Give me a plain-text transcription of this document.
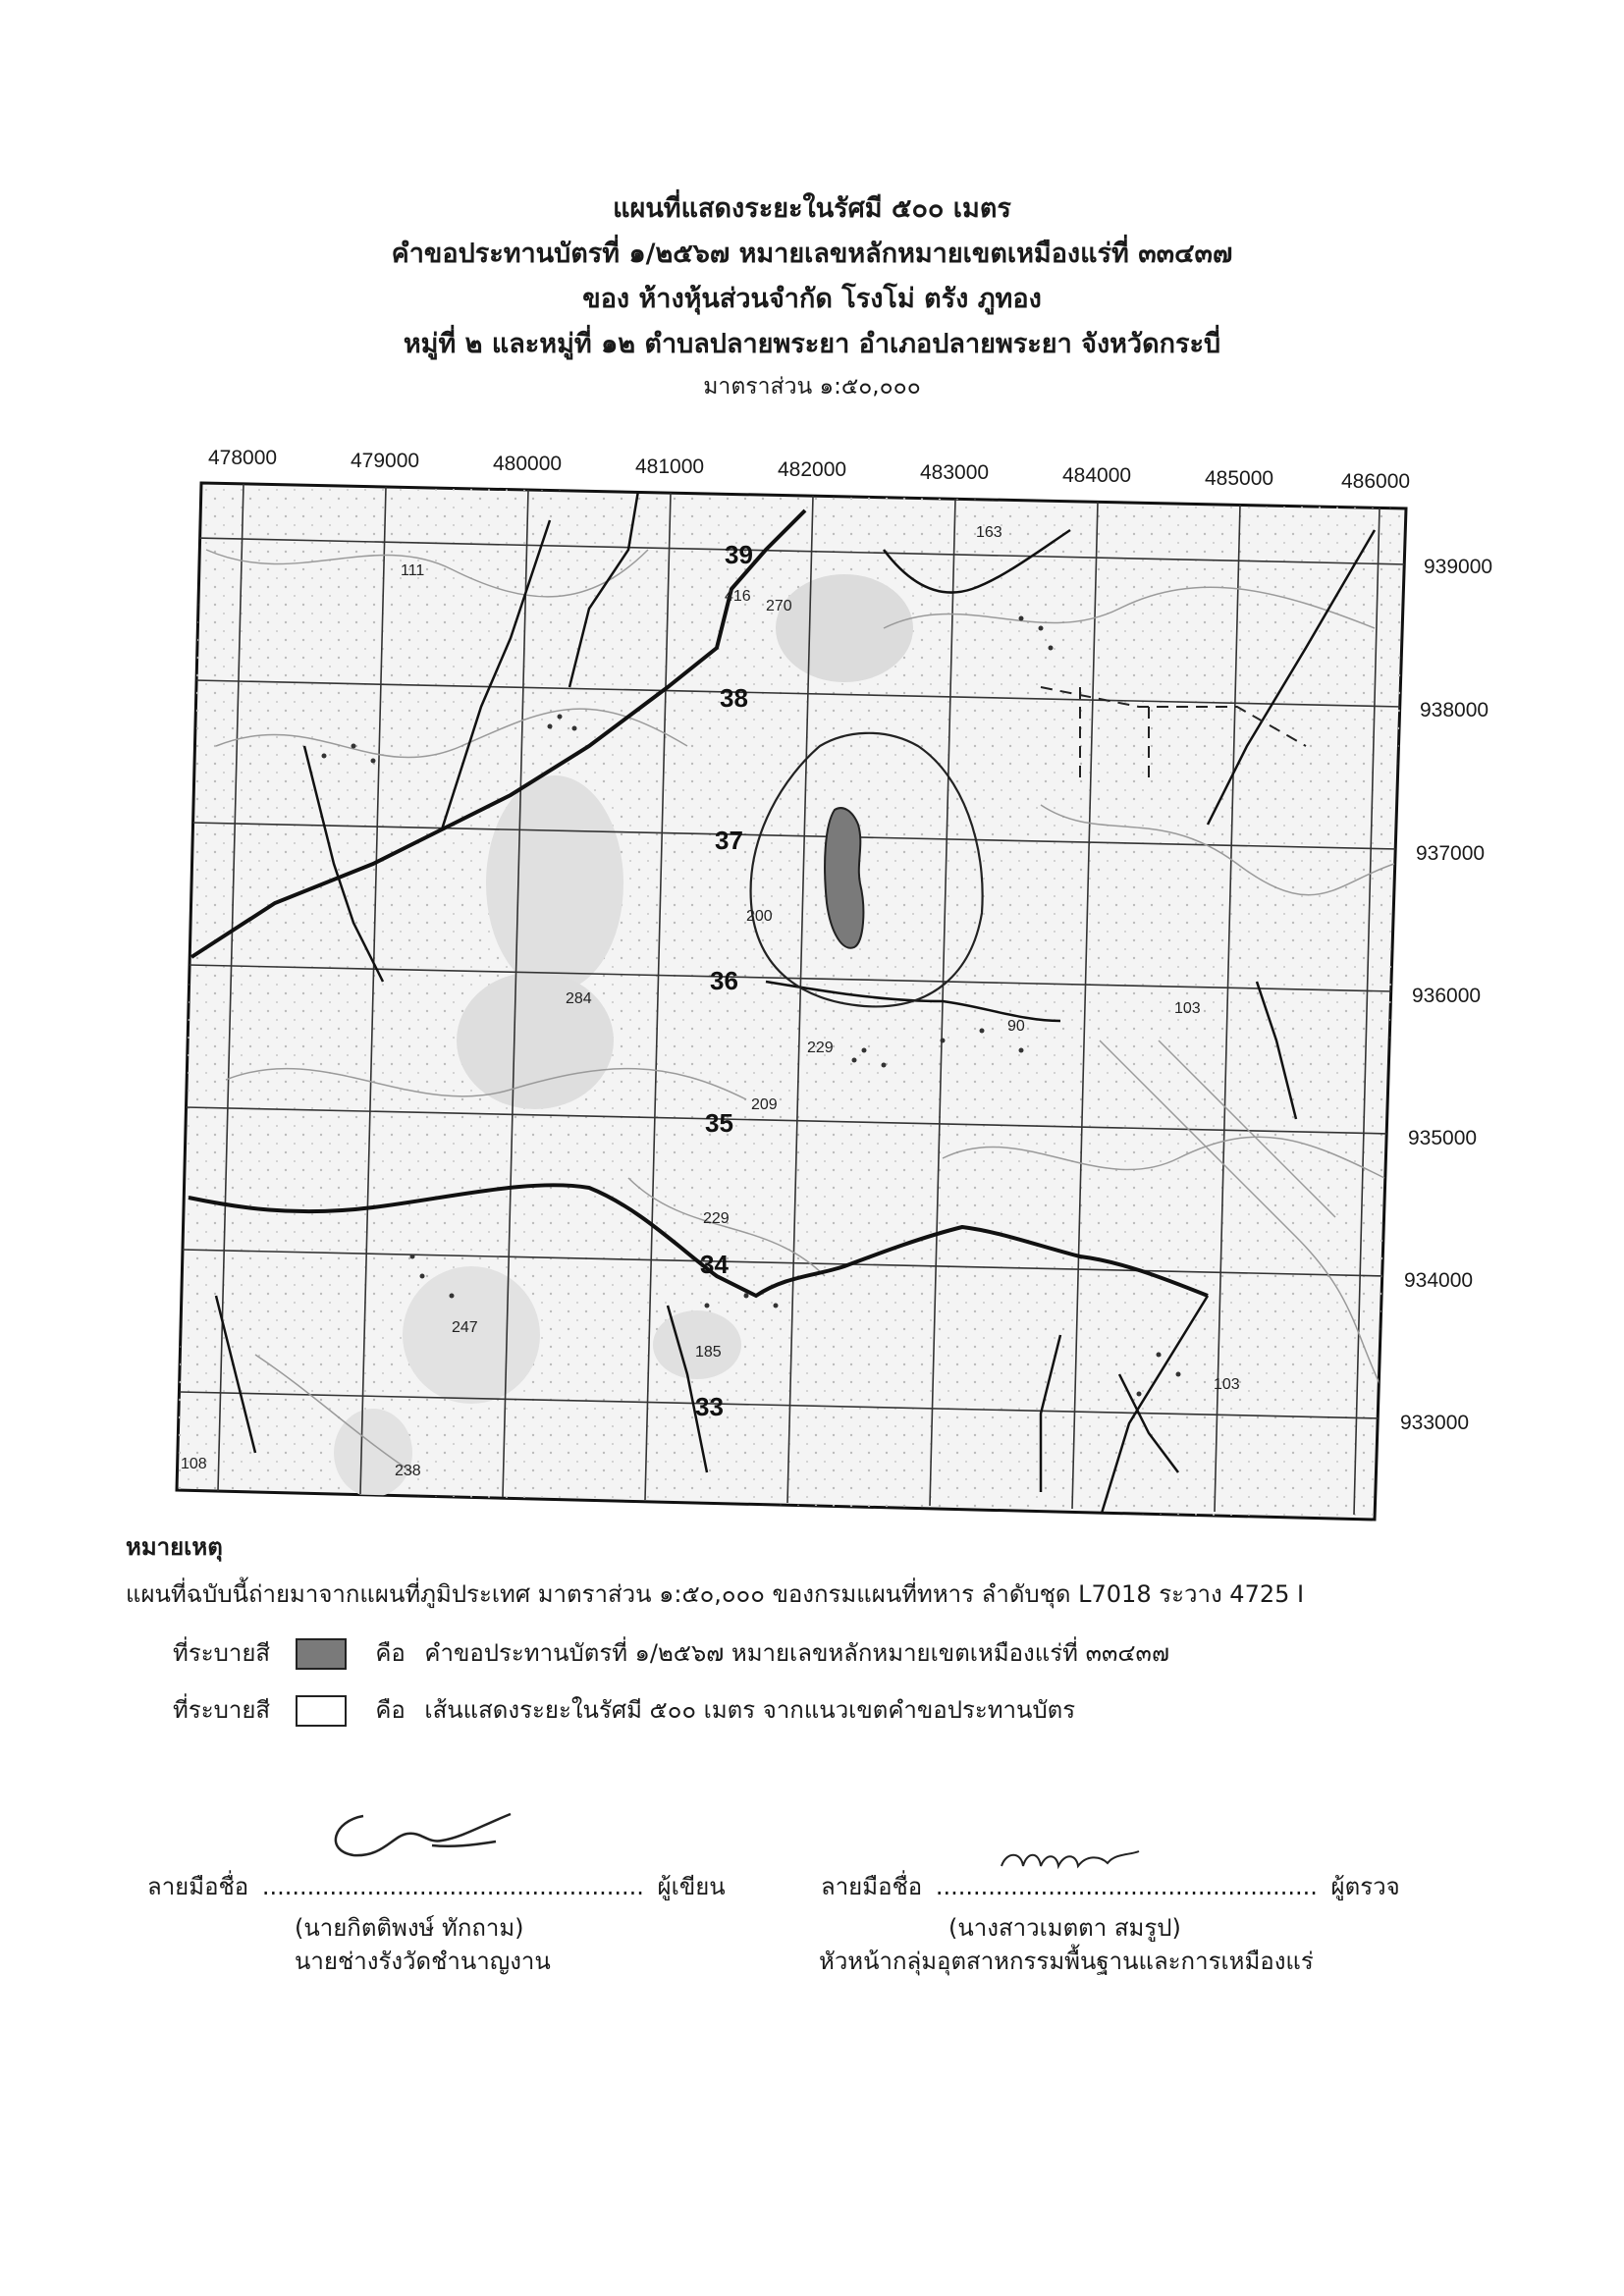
แผนที่แสดงระยะในรัศมี ๕๐๐ เมตร
คำขอประทานบัตรที่ ๑/๒๕๖๗ หมายเลขหลักหมายเขตเหมืองแร่ที่ ๓๓๔๓๗
ของ ห้างหุ้นส่วนจำกัด โรงโม่ ตรัง ภูทอง
หมู่ที่ ๒ และหมู่ที่ ๑๒ ตำบลปลายพระยา อำเภอปลายพระยา จังหวัดกระบี่
มาตราส่วน ๑:๕๐,๐๐๐
478000	479000	480000	481000	482000	483000	484000	485000	486000
939000
938000
937000
936000
935000
934000
933000
39
38
37
36
35
34
33
111
270
200
284
229
90
103
209
229
247
185
238
108
103
163
416
หมายเหตุ
แผนที่ฉบับนี้ถ่ายมาจากแผนที่ภูมิประเทศ มาตราส่วน ๑:๕๐,๐๐๐ ของกรมแผนที่ทหาร ลำดับชุด L7018 ระวาง 4725 I
ที่ระบายสี	คือ คำขอประทานบัตรที่ ๑/๒๕๖๗ หมายเลขหลักหมายเขตเหมืองแร่ที่ ๓๓๔๓๗
ที่ระบายสี	คือ เส้นแสดงระยะในรัศมี ๕๐๐ เมตร จากแนวเขตคำขอประทานบัตร
ลายมือชื่อ ................................................... ผู้เขียน
(นายกิตติพงษ์ ทักถาม)
นายช่างรังวัดชำนาญงาน
ลายมือชื่อ ................................................... ผู้ตรวจ
(นางสาวเมตตา สมรูป)
หัวหน้ากลุ่มอุตสาหกรรมพื้นฐานและการเหมืองแร่
